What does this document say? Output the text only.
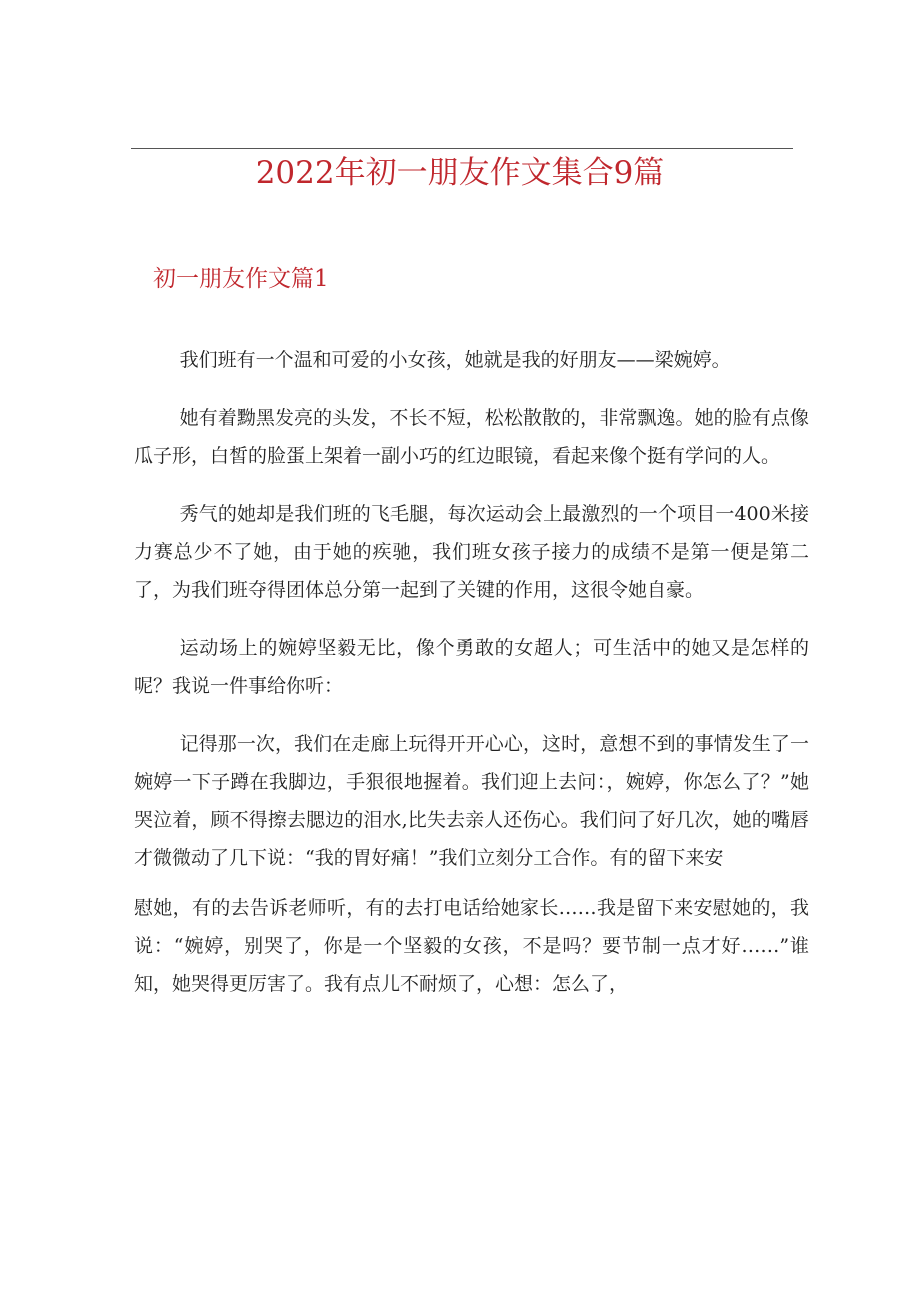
2022年初一朋友作文集合9篇
初一朋友作文篇1

我们班有一个温和可爱的小女孩，她就是我的好朋友——梁婉婷。

她有着黝黑发亮的头发，不长不短，松松散散的，非常飘逸。她的脸有点像瓜子形，白皙的脸蛋上架着一副小巧的红边眼镜，看起来像个挺有学问的人。

秀气的她却是我们班的飞毛腿，每次运动会上最激烈的一个项目一400米接力赛总少不了她，由于她的疾驰，我们班女孩子接力的成绩不是第一便是第二了，为我们班夺得团体总分第一起到了关键的作用，这很令她自豪。

运动场上的婉婷坚毅无比，像个勇敢的女超人；可生活中的她又是怎样的呢？我说一件事给你听：

记得那一次，我们在走廊上玩得开开心心，这时，意想不到的事情发生了一婉婷一下子蹲在我脚边，手狠很地握着。我们迎上去问：，婉婷，你怎么了？”她哭泣着，顾不得擦去腮边的泪水,比失去亲人还伤心。我们问了好几次，她的嘴唇才微微动了几下说：“我的胃好痛！”我们立刻分工合作。有的留下来安

慰她，有的去告诉老师听，有的去打电话给她家长……我是留下来安慰她的，我说：“婉婷，别哭了，你是一个坚毅的女孩，不是吗？要节制一点才好……”谁知，她哭得更厉害了。我有点儿不耐烦了，心想：怎么了，
